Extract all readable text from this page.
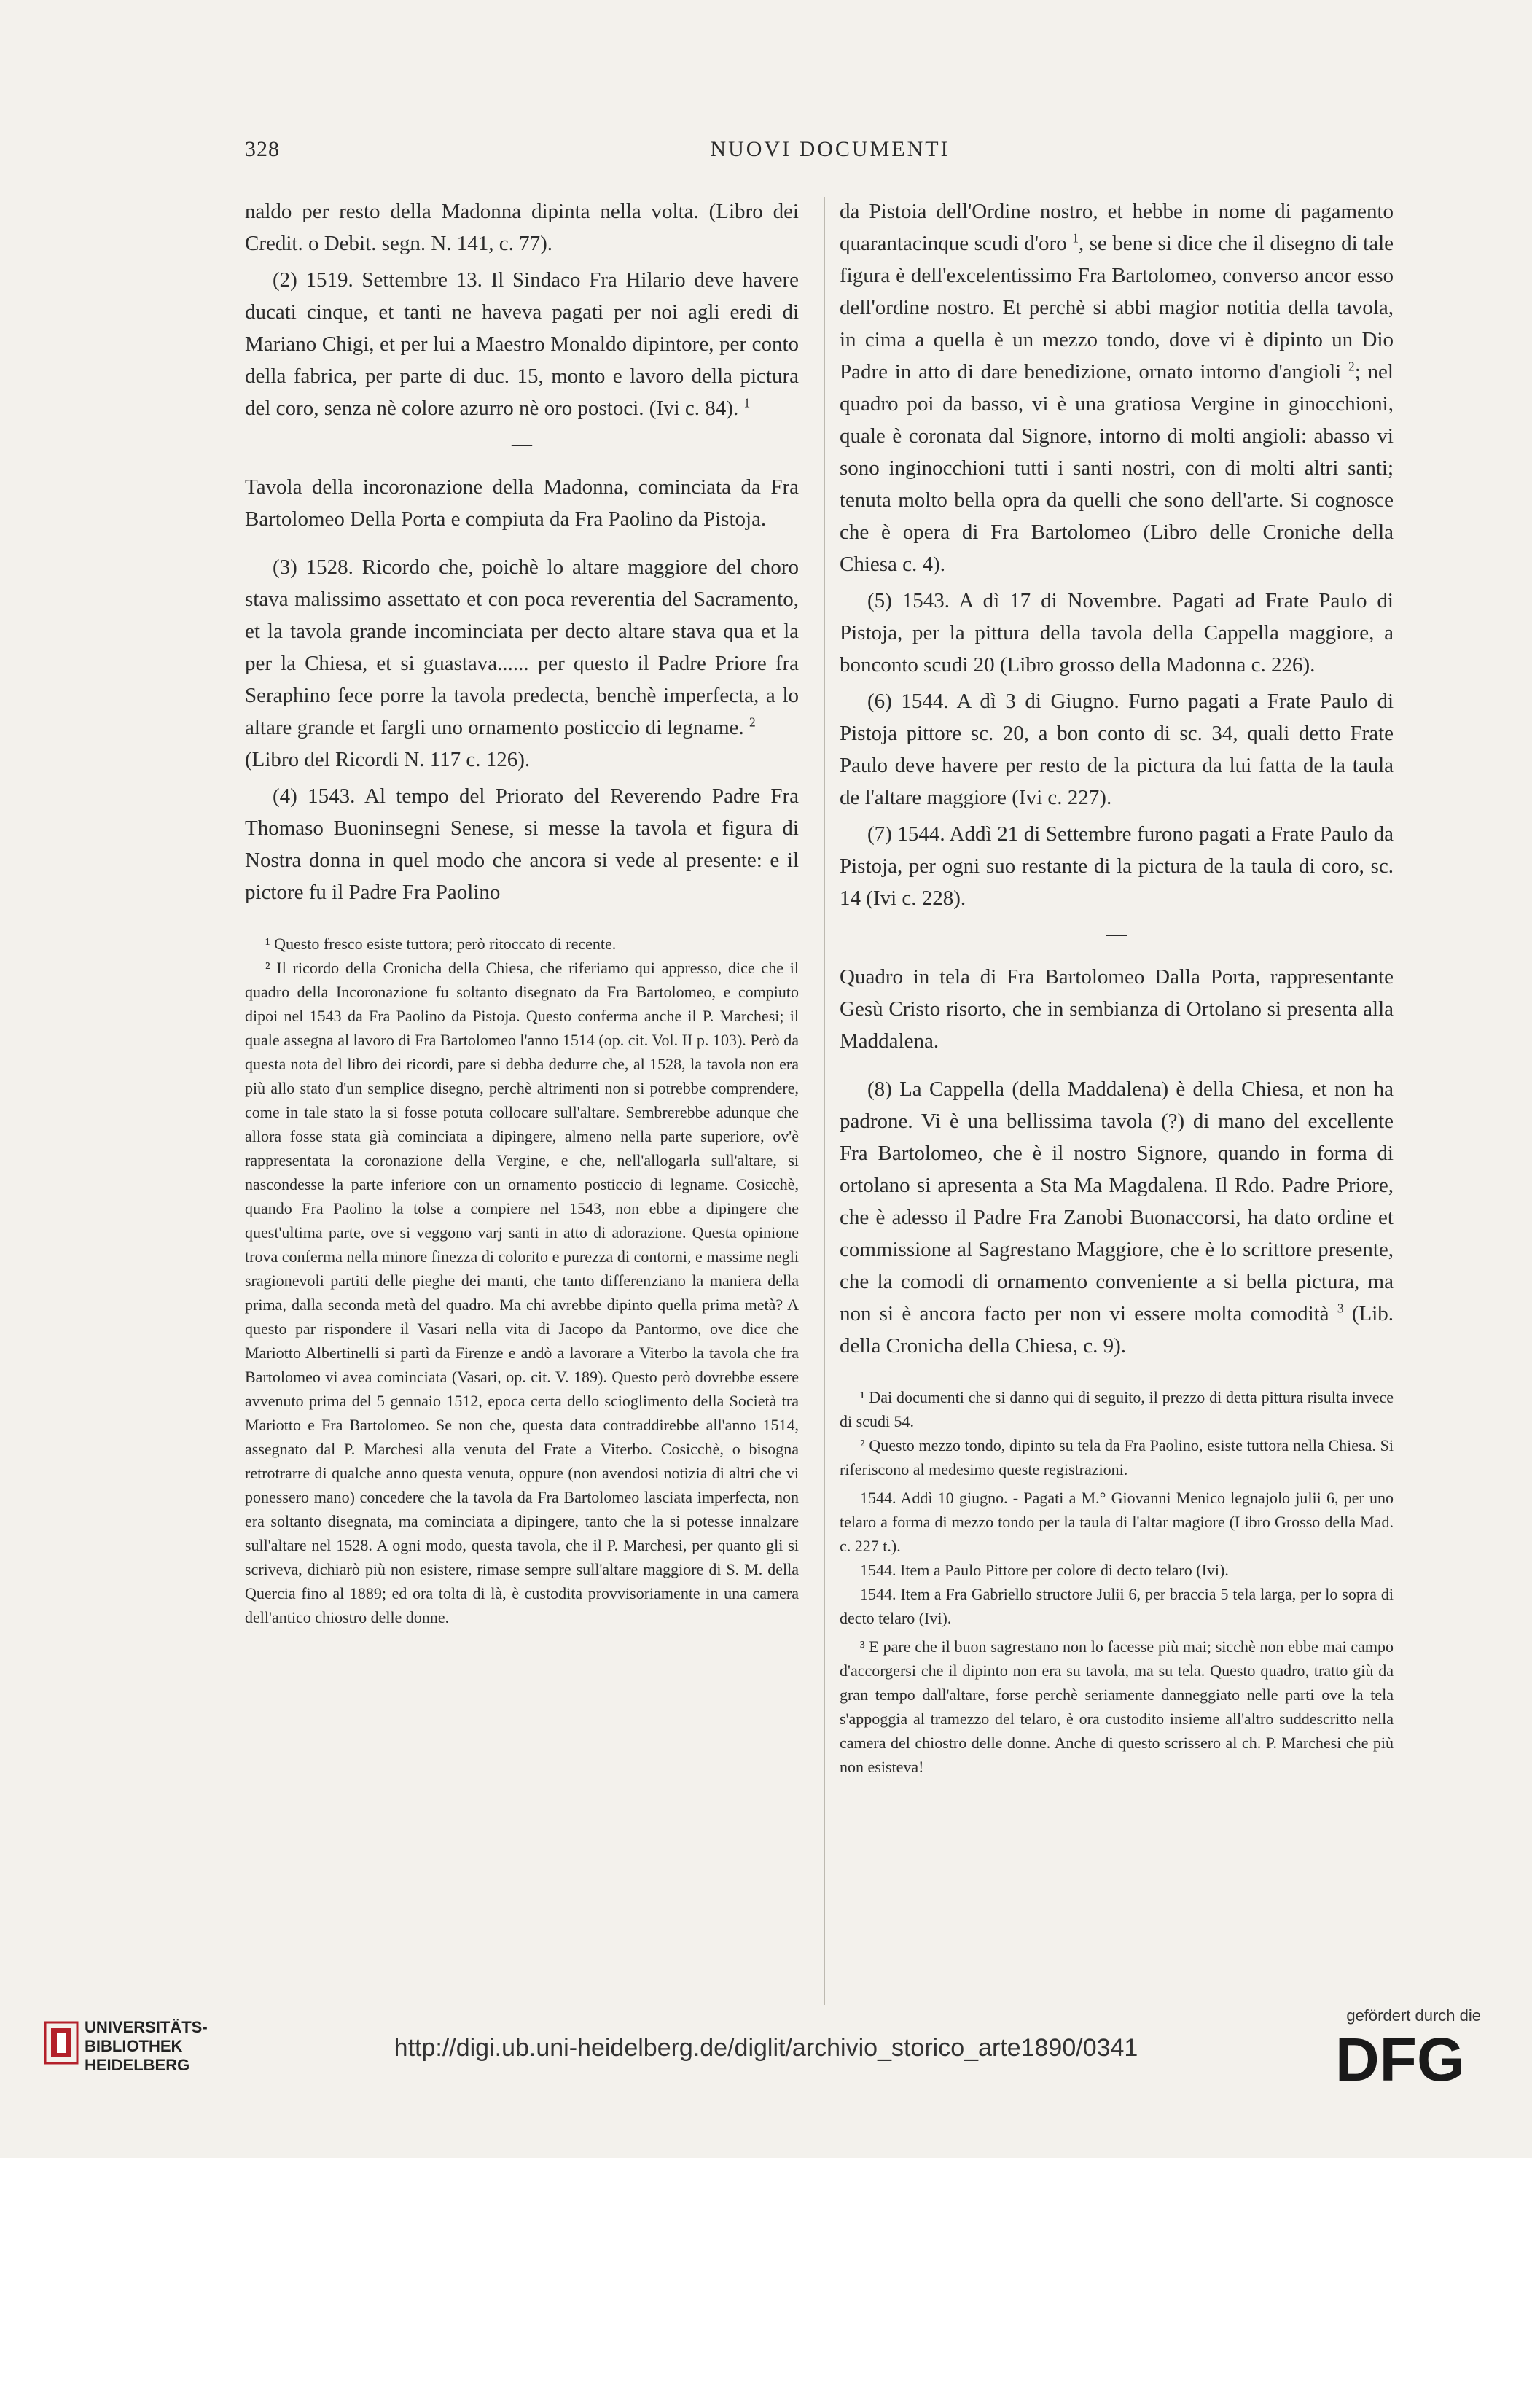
328	NUOVI DOCUMENTI

naldo per resto della Madonna dipinta nella volta. (Libro dei Credit. o Debit. segn. N. 141, c. 77).

(2) 1519. Settembre 13. Il Sindaco Fra Hilario deve havere ducati cinque, et tanti ne haveva pagati per noi agli eredi di Mariano Chigi, et per lui a Maestro Monaldo dipintore, per conto della fabrica, per parte di duc. 15, monto e lavoro della pictura del coro, senza nè colore azurro nè oro postoci. (Ivi c. 84). $^1$

—

Tavola della incoronazione della Madonna, cominciata da Fra Bartolomeo Della Porta e compiuta da Fra Paolino da Pistoja.

(3) 1528. Ricordo che, poichè lo altare maggiore del choro stava malissimo assettato et con poca reverentia del Sacramento, et la tavola grande incominciata per decto altare stava qua et la per la Chiesa, et si guastava...... per questo il Padre Priore fra Seraphino fece porre la tavola predecta, benchè imperfecta, a lo altare grande et fargli uno ornamento posticcio di legname. $^2$
(Libro del Ricordi N. 117 c. 126).

(4) 1543. Al tempo del Priorato del Reverendo Padre Fra Thomaso Buoninsegni Senese, si messe la tavola et figura di Nostra donna in quel modo che ancora si vede al presente: e il pictore fu il Padre Fra Paolino

¹ Questo fresco esiste tuttora; però ritoccato di recente.

² Il ricordo della Cronicha della Chiesa, che riferiamo qui appresso, dice che il quadro della Incoronazione fu soltanto disegnato da Fra Bartolomeo, e compiuto dipoi nel 1543 da Fra Paolino da Pistoja. Questo conferma anche il P. Marchesi; il quale assegna al lavoro di Fra Bartolomeo l'anno 1514 (op. cit. Vol. II p. 103). Però da questa nota del libro dei ricordi, pare si debba dedurre che, al 1528, la tavola non era più allo stato d'un semplice disegno, perchè altrimenti non si potrebbe comprendere, come in tale stato la si fosse potuta collocare sull'altare. Sembrerebbe adunque che allora fosse stata già cominciata a dipingere, almeno nella parte superiore, ov'è rappresentata la coronazione della Vergine, e che, nell'allogarla sull'altare, si nascondesse la parte inferiore con un ornamento posticcio di legname. Cosicchè, quando Fra Paolino la tolse a compiere nel 1543, non ebbe a dipingere che quest'ultima parte, ove si veggono varj santi in atto di adorazione. Questa opinione trova conferma nella minore finezza di colorito e purezza di contorni, e massime negli sragionevoli partiti delle pieghe dei manti, che tanto differenziano la maniera della prima, dalla seconda metà del quadro. Ma chi avrebbe dipinto quella prima metà? A questo par rispondere il Vasari nella vita di Jacopo da Pantormo, ove dice che Mariotto Albertinelli si partì da Firenze e andò a lavorare a Viterbo la tavola che fra Bartolomeo vi avea cominciata (Vasari, op. cit. V. 189). Questo però dovrebbe essere avvenuto prima del 5 gennaio 1512, epoca certa dello scioglimento della Società tra Mariotto e Fra Bartolomeo. Se non che, questa data contraddirebbe all'anno 1514, assegnato dal P. Marchesi alla venuta del Frate a Viterbo. Cosicchè, o bisogna retrotrarre di qualche anno questa venuta, oppure (non avendosi notizia di altri che vi ponessero mano) concedere che la tavola da Fra Bartolomeo lasciata imperfecta, non era soltanto disegnata, ma cominciata a dipingere, tanto che la si potesse innalzare sull'altare nel 1528. A ogni modo, questa tavola, che il P. Marchesi, per quanto gli si scriveva, dichiarò più non esistere, rimase sempre sull'altare maggiore di S. M. della Quercia fino al 1889; ed ora tolta di là, è custodita provvisoriamente in una camera dell'antico chiostro delle donne.

da Pistoia dell'Ordine nostro, et hebbe in nome di pagamento quarantacinque scudi d'oro $^1$, se bene si dice che il disegno di tale figura è dell'excelentissimo Fra Bartolomeo, converso ancor esso dell'ordine nostro. Et perchè si abbi magior notitia della tavola, in cima a quella è un mezzo tondo, dove vi è dipinto un Dio Padre in atto di dare benedizione, ornato intorno d'angioli $^2$; nel quadro poi da basso, vi è una gratiosa Vergine in ginocchioni, quale è coronata dal Signore, intorno di molti angioli: abasso vi sono inginocchioni tutti i santi nostri, con di molti altri santi; tenuta molto bella opra da quelli che sono dell'arte. Si cognosce che è opera di Fra Bartolomeo (Libro delle Croniche della Chiesa c. 4).

(5) 1543. A dì 17 di Novembre. Pagati ad Frate Paulo di Pistoja, per la pittura della tavola della Cappella maggiore, a bonconto scudi 20 (Libro grosso della Madonna c. 226).

(6) 1544. A dì 3 di Giugno. Furno pagati a Frate Paulo di Pistoja pittore sc. 20, a bon conto di sc. 34, quali detto Frate Paulo deve havere per resto de la pictura da lui fatta de la taula de l'altare maggiore (Ivi c. 227).

(7) 1544. Addì 21 di Settembre furono pagati a Frate Paulo da Pistoja, per ogni suo restante di la pictura de la taula di coro, sc. 14 (Ivi c. 228).

—

Quadro in tela di Fra Bartolomeo Dalla Porta, rappresentante Gesù Cristo risorto, che in sembianza di Ortolano si presenta alla Maddalena.

(8) La Cappella (della Maddalena) è della Chiesa, et non ha padrone. Vi è una bellissima tavola (?) di mano del excellente Fra Bartolomeo, che è il nostro Signore, quando in forma di ortolano si apresenta a Sta Ma Magdalena. Il Rdo. Padre Priore, che è adesso il Padre Fra Zanobi Buonaccorsi, ha dato ordine et commissione al Sagrestano Maggiore, che è lo scrittore presente, che la comodi di ornamento conveniente a si bella pictura, ma non si è ancora facto per non vi essere molta comodità $^3$ (Lib. della Cronicha della Chiesa, c. 9).

¹ Dai documenti che si danno qui di seguito, il prezzo di detta pittura risulta invece di scudi 54.

² Questo mezzo tondo, dipinto su tela da Fra Paolino, esiste tuttora nella Chiesa. Si riferiscono al medesimo queste registrazioni.

1544. Addì 10 giugno. - Pagati a M.° Giovanni Menico legnajolo julii 6, per uno telaro a forma di mezzo tondo per la taula di l'altar magiore (Libro Grosso della Mad. c. 227 t.).

1544. Item a Paulo Pittore per colore di decto telaro (Ivi).

1544. Item a Fra Gabriello structore Julii 6, per braccia 5 tela larga, per lo sopra di decto telaro (Ivi).

³ E pare che il buon sagrestano non lo facesse più mai; sicchè non ebbe mai campo d'accorgersi che il dipinto non era su tavola, ma su tela. Questo quadro, tratto giù da gran tempo dall'altare, forse perchè seriamente danneggiato nelle parti ove la tela s'appoggia al tramezzo del telaro, è ora custodito insieme all'altro suddescritto nella camera del chiostro delle donne. Anche di questo scrissero al ch. P. Marchesi che più non esisteva!

UNIVERSITÄTS-
BIBLIOTHEK
HEIDELBERG
http://digi.ub.uni-heidelberg.de/diglit/archivio_storico_arte1890/0341
gefördert durch die
DFG
